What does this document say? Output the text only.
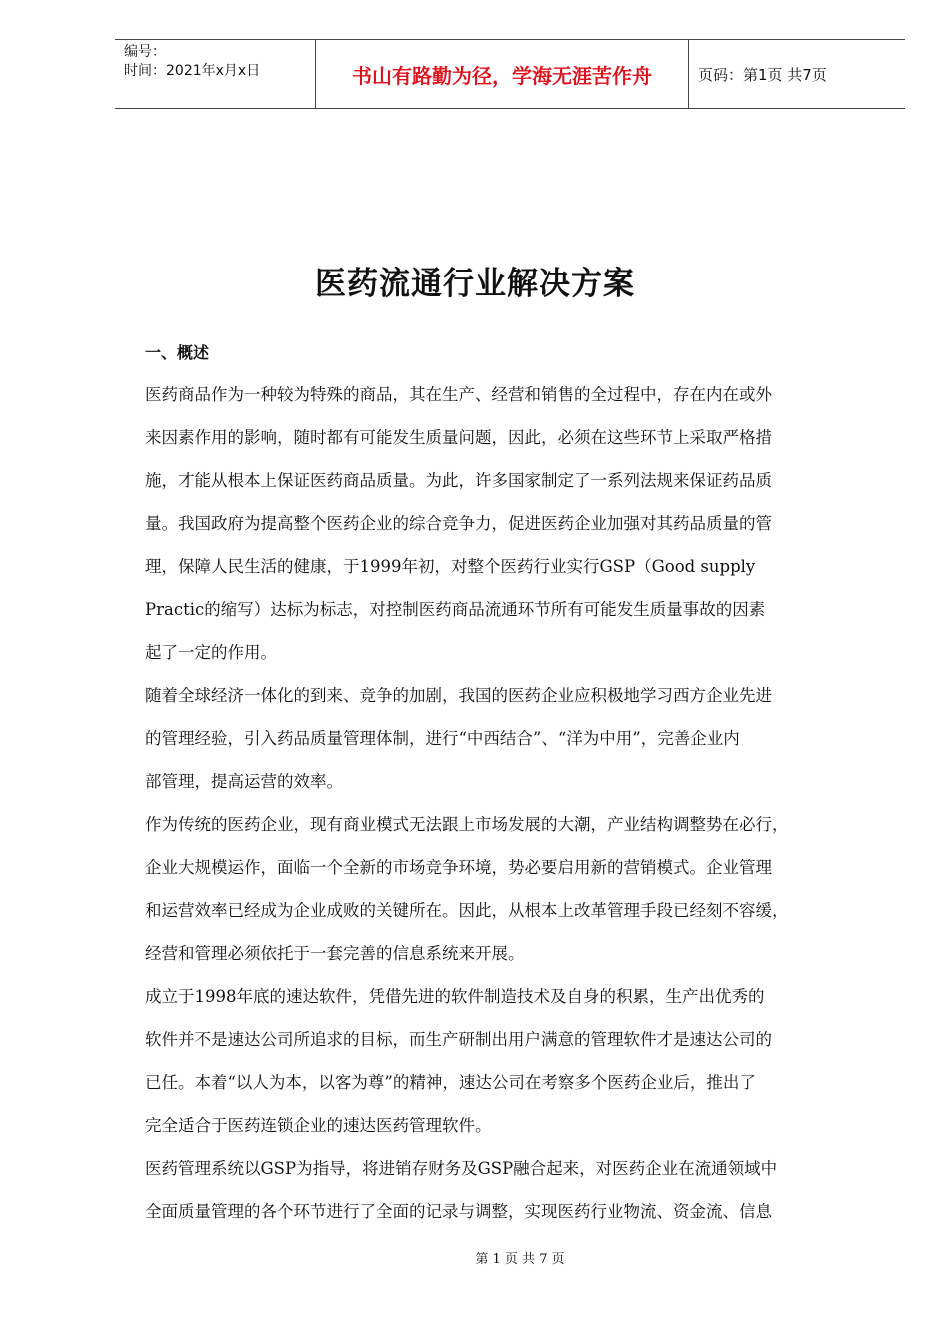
编号：
时间：2021年x月x日	书山有路勤为径，学海无涯苦作舟	页码：第1页 共7页
医药流通行业解决方案
一、概述
医药商品作为一种较为特殊的商品，其在生产、经营和销售的全过程中，存在内在或外
来因素作用的影响，随时都有可能发生质量问题，因此，必须在这些环节上采取严格措
施，才能从根本上保证医药商品质量。为此，许多国家制定了一系列法规来保证药品质
量。我国政府为提高整个医药企业的综合竞争力，促进医药企业加强对其药品质量的管
理，保障人民生活的健康，于1999年初，对整个医药行业实行GSP（Good supply
Practic的缩写）达标为标志，对控制医药商品流通环节所有可能发生质量事故的因素
起了一定的作用。
随着全球经济一体化的到来、竞争的加剧，我国的医药企业应积极地学习西方企业先进
的管理经验，引入药品质量管理体制，进行“中西结合”、“洋为中用”，完善企业内
部管理，提高运营的效率。
作为传统的医药企业，现有商业模式无法跟上市场发展的大潮，产业结构调整势在必行，
企业大规模运作，面临一个全新的市场竞争环境，势必要启用新的营销模式。企业管理
和运营效率已经成为企业成败的关键所在。因此，从根本上改革管理手段已经刻不容缓，
经营和管理必须依托于一套完善的信息系统来开展。
成立于1998年底的速达软件，凭借先进的软件制造技术及自身的积累，生产出优秀的
软件并不是速达公司所追求的目标，而生产研制出用户满意的管理软件才是速达公司的
已任。本着“以人为本，以客为尊”的精神，速达公司在考察多个医药企业后，推出了
完全适合于医药连锁企业的速达医药管理软件。
医药管理系统以GSP为指导，将进销存财务及GSP融合起来，对医药企业在流通领域中
全面质量管理的各个环节进行了全面的记录与调整，实现医药行业物流、资金流、信息
第 1 页 共 7 页
